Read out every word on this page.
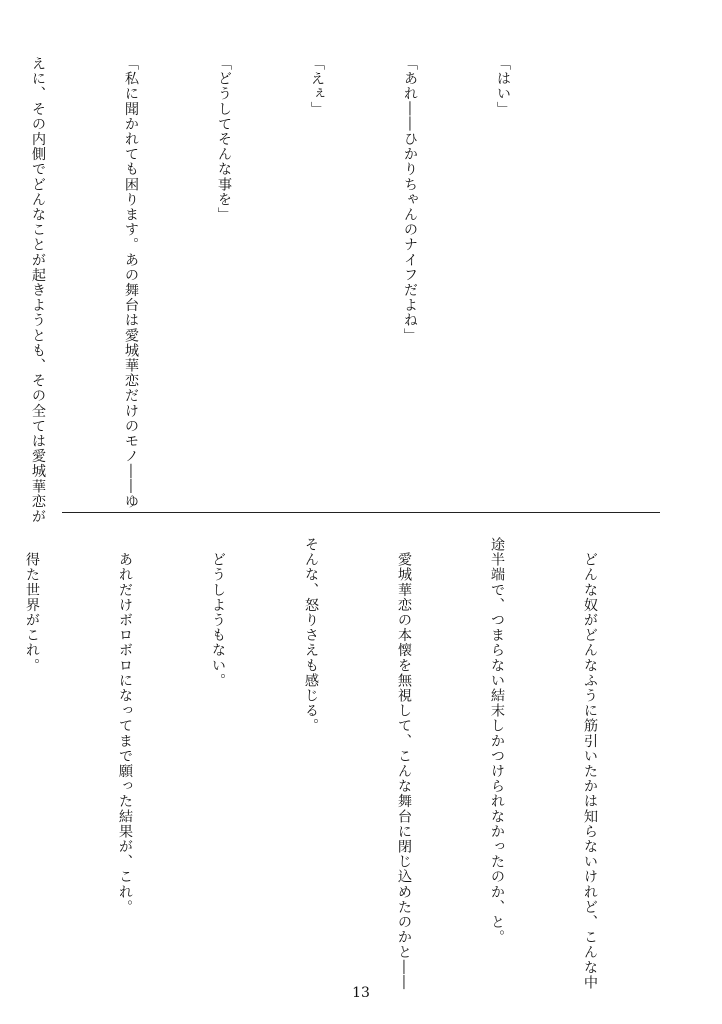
「はい」

「あれ――ひかりちゃんのナイフだよね」

「えぇ」

「どうしてそんな事を」

「私に聞かれても困ります。あの舞台は愛城華恋だけのモノ――ゆ

えに、その内側でどんなことが起きようとも、その全ては愛城華恋が

　どんな奴がどんなふうに筋引いたかは知らないけれど、こんな中

途半端で、つまらない結末しかつけられなかったのか、と。

　愛城華恋の本懐を無視して、こんな舞台に閉じ込めたのかと――

そんな、怒りさえも感じる。

　どうしようもない。

　あれだけボロボロになってまで願った結果が、これ。

　得た世界がこれ。

13
